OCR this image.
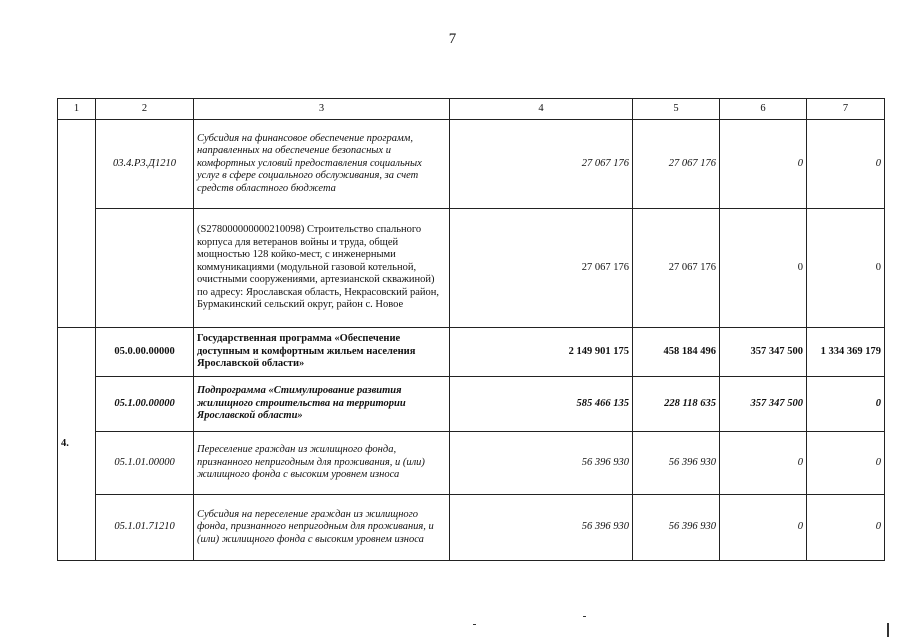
7
1	2	3	4	5	6	7
	03.4.Р3.Д1210	Субсидия на финансовое обеспечение программ, направленных на обеспечение безопасных и комфортных условий предоставления социальных услуг в сфере социального обслуживания, за счет средств областного бюджета	27 067 176	27 067 176	0	0
		(S278000000000210098) Строительство спального корпуса для ветеранов войны и труда, общей мощностью 128 койко-мест, с инженерными коммуникациями (модульной газовой котельной, очистными сооружениями, артезианской скважиной) по адресу: Ярославская область, Некрасовский район, Бурмакинский сельский округ, район с. Новое	27 067 176	27 067 176	0	0
4.	05.0.00.00000	Государственная программа «Обеспечение доступным и комфортным жильем населения Ярославской области»	2 149 901 175	458 184 496	357 347 500	1 334 369 179
	05.1.00.00000	Подпрограмма «Стимулирование развития жилищного строительства на территории Ярославской области»	585 466 135	228 118 635	357 347 500	0
	05.1.01.00000	Переселение граждан из жилищного фонда, признанного непригодным для проживания, и (или) жилищного фонда с высоким уровнем износа	56 396 930	56 396 930	0	0
	05.1.01.71210	Субсидия на переселение граждан из жилищного фонда, признанного непригодным для проживания, и (или) жилищного фонда с высоким уровнем износа	56 396 930	56 396 930	0	0
